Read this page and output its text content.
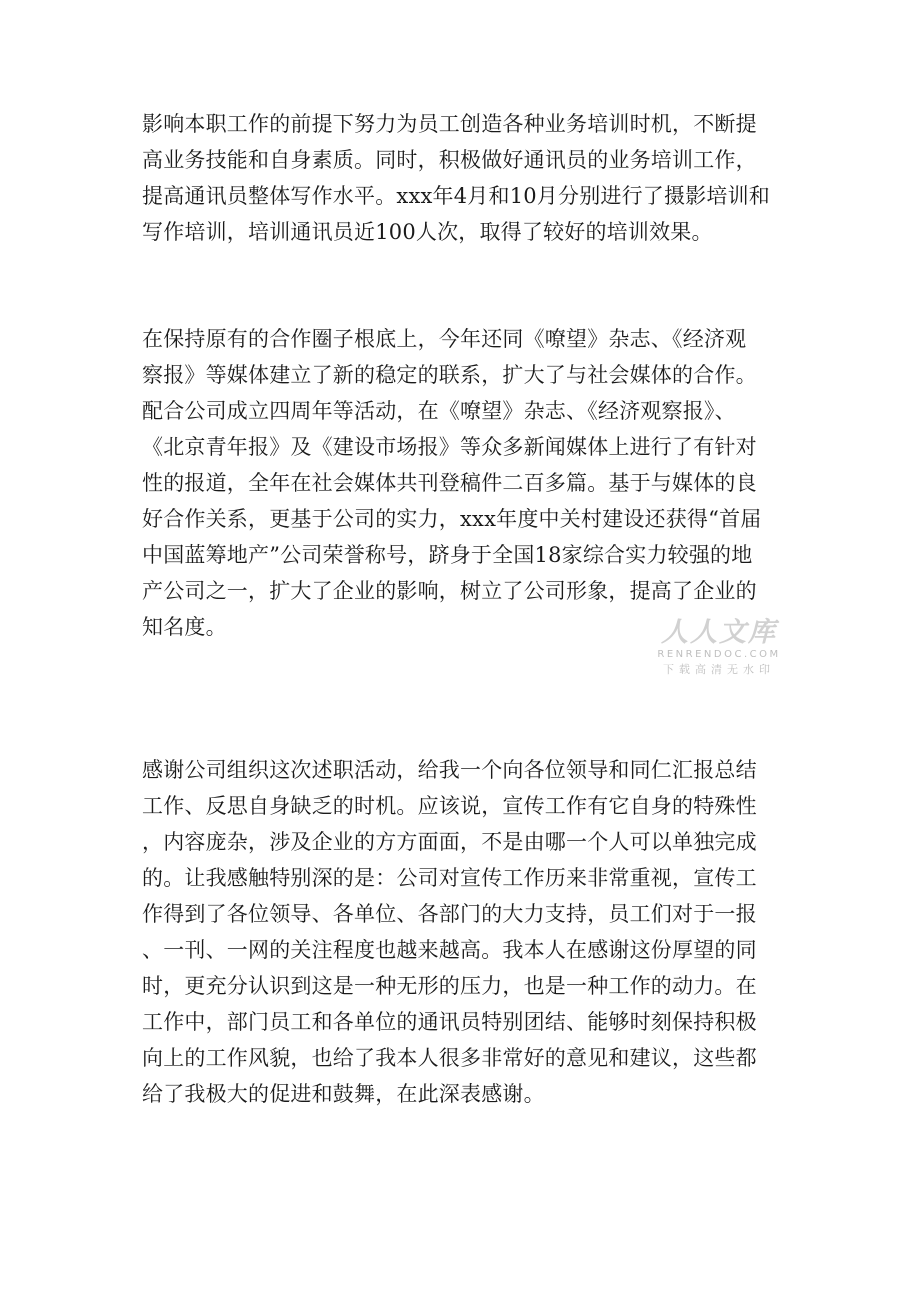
影响本职工作的前提下努力为员工创造各种业务培训时机，不断提
高业务技能和自身素质。同时，积极做好通讯员的业务培训工作，
提高通讯员整体写作水平。xxx年4月和10月分别进行了摄影培训和
写作培训，培训通讯员近100人次，取得了较好的培训效果。
在保持原有的合作圈子根底上，今年还同《嘹望》杂志、《经济观
察报》等媒体建立了新的稳定的联系，扩大了与社会媒体的合作。
配合公司成立四周年等活动，在《嘹望》杂志、《经济观察报》、
《北京青年报》及《建设市场报》等众多新闻媒体上进行了有针对
性的报道，全年在社会媒体共刊登稿件二百多篇。基于与媒体的良
好合作关系，更基于公司的实力，xxx年度中关村建设还获得“首届
中国蓝筹地产”公司荣誉称号，跻身于全国18家综合实力较强的地
产公司之一，扩大了企业的影响，树立了公司形象，提高了企业的
知名度。
感谢公司组织这次述职活动，给我一个向各位领导和同仁汇报总结
工作、反思自身缺乏的时机。应该说，宣传工作有它自身的特殊性
，内容庞杂，涉及企业的方方面面，不是由哪一个人可以单独完成
的。让我感触特别深的是：公司对宣传工作历来非常重视，宣传工
作得到了各位领导、各单位、各部门的大力支持，员工们对于一报
、一刊、一网的关注程度也越来越高。我本人在感谢这份厚望的同
时，更充分认识到这是一种无形的压力，也是一种工作的动力。在
工作中，部门员工和各单位的通讯员特别团结、能够时刻保持积极
向上的工作风貌，也给了我本人很多非常好的意见和建议，这些都
给了我极大的促进和鼓舞，在此深表感谢。
人人文库
RENRENDOC.COM
下载高清无水印
